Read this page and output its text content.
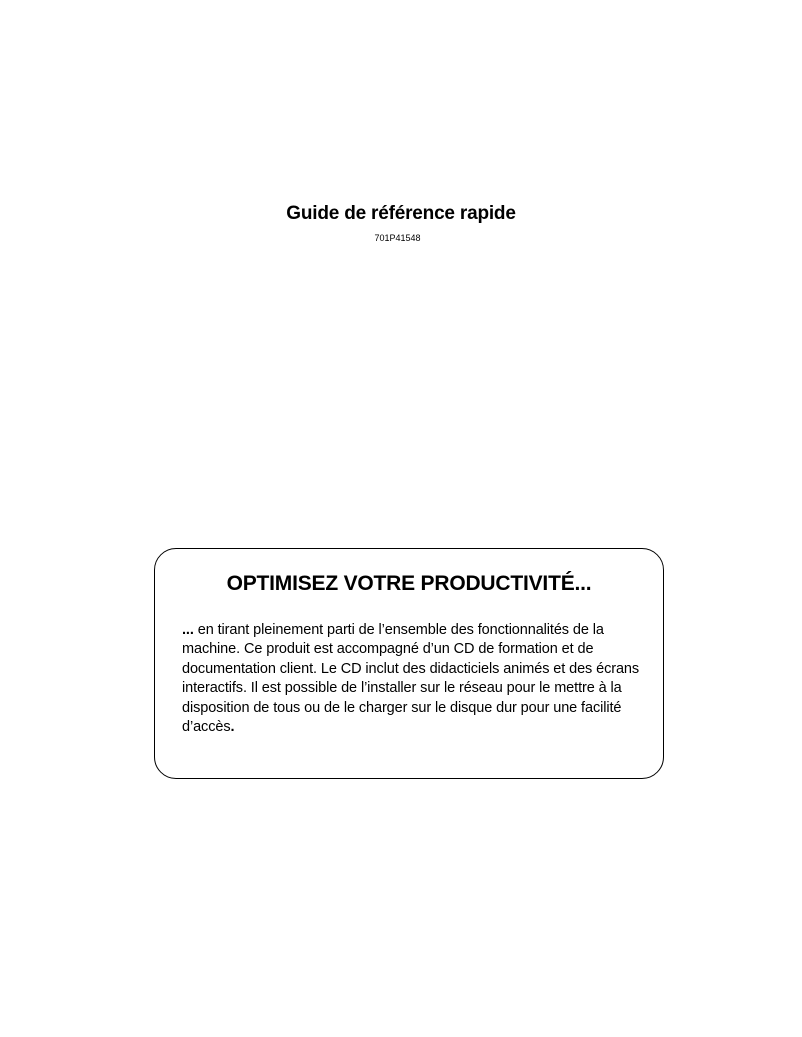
Guide de référence rapide
701P41548
OPTIMISEZ VOTRE PRODUCTIVITÉ...
... en tirant pleinement parti de l’ensemble des fonctionnalités de la machine. Ce produit est accompagné d’un CD de formation et de documentation client. Le CD inclut des didacticiels animés et des écrans interactifs. Il est possible de l’installer sur le réseau pour le mettre à la disposition de tous ou de le charger sur le disque dur pour une facilité d’accès.
